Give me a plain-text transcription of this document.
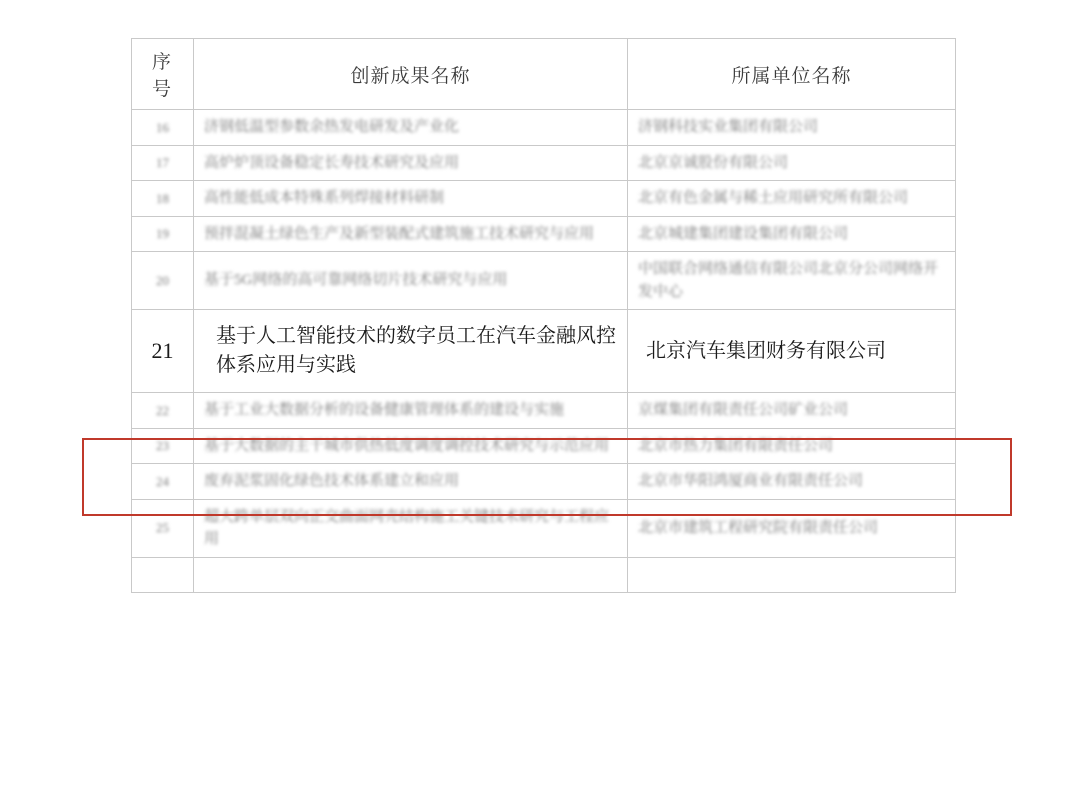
序号	创新成果名称	所属单位名称
16	济钢低温型参数余热发电研发及产业化	济钢科技实业集团有限公司
17	高炉炉顶设备稳定长寿技术研究及应用	北京京诚股份有限公司
18	高性能低成本特殊系列焊接材料研制	北京有色金属与稀土应用研究所有限公司
19	预拌混凝土绿色生产及新型装配式建筑施工技术研究与应用	北京城建集团建设集团有限公司
20	基于5G网络的高可靠网络切片技术研究与应用	中国联合网络通信有限公司北京分公司网络开发中心
21	基于人工智能技术的数字员工在汽车金融风控体系应用与实践	北京汽车集团财务有限公司
22	基于工业大数据分析的设备健康管理体系的建设与实施	京煤集团有限责任公司矿业公司
23	基于大数据的主干城市供热低度调度调控技术研究与示范应用	北京市热力集团有限责任公司
24	废弃泥浆固化绿色技术体系建立和应用	北京市华阳鸿厦商业有限责任公司
25	超大跨单层双向正交曲面网壳结构施工关键技术研究与工程应用	北京市建筑工程研究院有限责任公司
